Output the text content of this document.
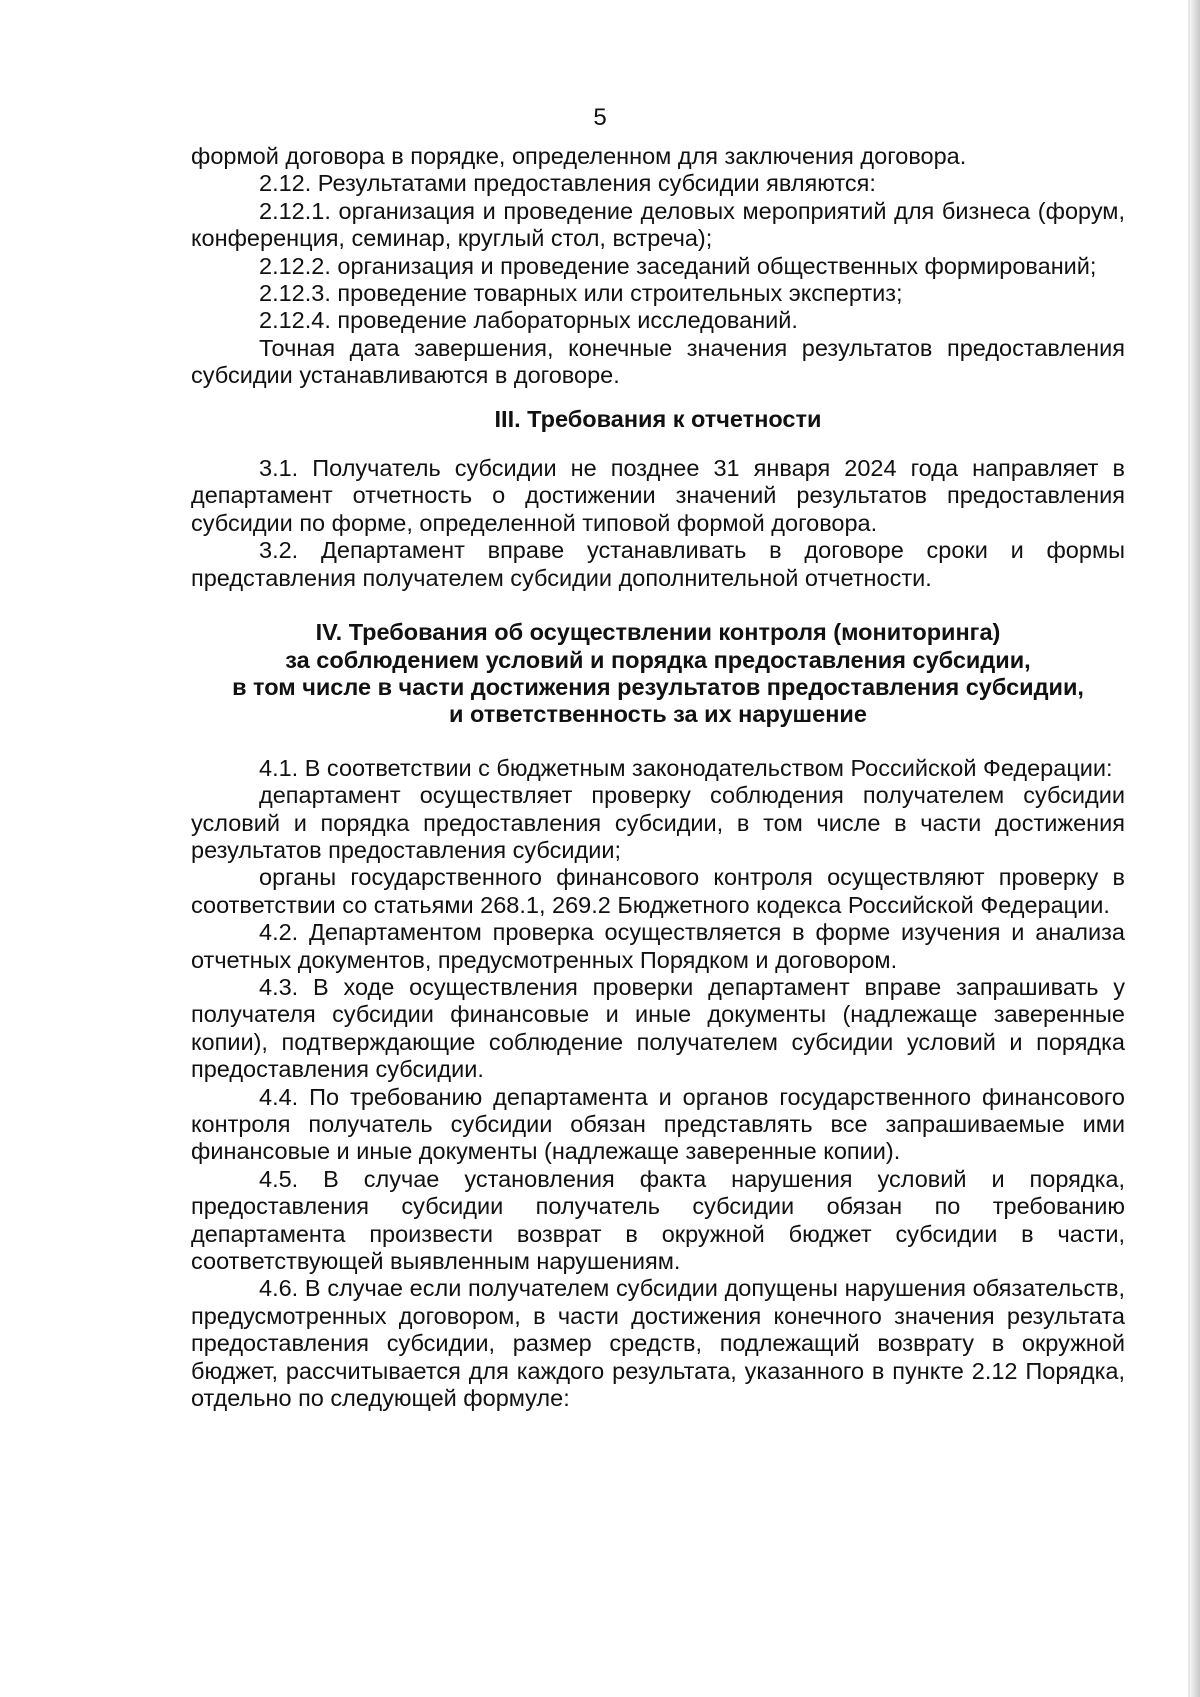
5

формой договора в порядке, определенном для заключения договора.

2.12. Результатами предоставления субсидии являются:

2.12.1. организация и проведение деловых мероприятий для бизнеса (форум, конференция, семинар, круглый стол, встреча);

2.12.2. организация и проведение заседаний общественных формирований;

2.12.3. проведение товарных или строительных экспертиз;

2.12.4. проведение лабораторных исследований.

Точная дата завершения, конечные значения результатов предоставления субсидии устанавливаются в договоре.

III. Требования к отчетности

3.1. Получатель субсидии не позднее 31 января 2024 года направляет в департамент отчетность о достижении значений результатов предоставления субсидии по форме, определенной типовой формой договора.

3.2. Департамент вправе устанавливать в договоре сроки и формы представления получателем субсидии дополнительной отчетности.

IV. Требования об осуществлении контроля (мониторинга)
за соблюдением условий и порядка предоставления субсидии,
в том числе в части достижения результатов предоставления субсидии,
и ответственность за их нарушение

4.1. В соответствии с бюджетным законодательством Российской Федерации:

департамент осуществляет проверку соблюдения получателем субсидии условий и порядка предоставления субсидии, в том числе в части достижения результатов предоставления субсидии;

органы государственного финансового контроля осуществляют проверку в соответствии со статьями 268.1, 269.2 Бюджетного кодекса Российской Федерации.

4.2. Департаментом проверка осуществляется в форме изучения и анализа отчетных документов, предусмотренных Порядком и договором.

4.3. В ходе осуществления проверки департамент вправе запрашивать у получателя субсидии финансовые и иные документы (надлежаще заверенные копии), подтверждающие соблюдение получателем субсидии условий и порядка предоставления субсидии.

4.4. По требованию департамента и органов государственного финансового контроля получатель субсидии обязан представлять все запрашиваемые ими финансовые и иные документы (надлежаще заверенные копии).

4.5. В случае установления факта нарушения условий и порядка, предоставления субсидии получатель субсидии обязан по требованию департамента произвести возврат в окружной бюджет субсидии в части, соответствующей выявленным нарушениям.

4.6. В случае если получателем субсидии допущены нарушения обязательств, предусмотренных договором, в части достижения конечного значения результата предоставления субсидии, размер средств, подлежащий возврату в окружной бюджет, рассчитывается для каждого результата, указанного в пункте 2.12 Порядка, отдельно по следующей формуле:
